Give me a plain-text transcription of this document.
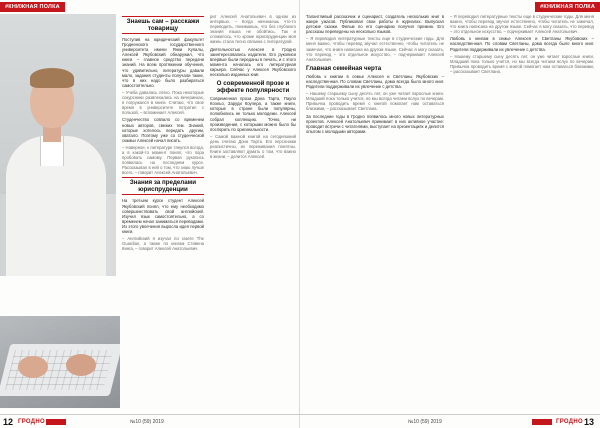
#КНИЖНАЯ ПОЛКА
Знаешь сам – расскажи товарищу

Поступив на юридический факультет Гродненского государственного университета имени Янки Купалы, Алексей Якубовский обнаружил, что книги – главное средство передачи знаний. На всем протяжении обучения, что удивительно, литературы давали мало, задания студенты получали такие, что в них надо было разбираться самостоятельно.

– Учеба давалась легко. Пока некоторые сокурсники развлекались на вечеринках, я погружался в книги. Считаю, что свое время в университете потратил с пользой, – вспоминает Алексей.

Студенчество совпало со временем новых авторов, свежих тем. Знаний, которые хотелось передать другим, хватало. Поэтому уже со студенческой скамьи Алексей начал писать.

– Наверное, к литературе тянулся всегда, а в какой-то момент понял, что пора пробовать самому. Первая рукопись появилась на последнем курсе. Рассказывал в ней о том, что знаю лучше всего, – говорит Алексей Анатольевич.

Знания за пределами юриспруденции

На третьем курсе студент Алексей Якубовский понял, что ему необходимо совершенствовать свой английский. Изучил язык самостоятельно, а со временем начал заниматься переводами. Из этого увлечения выросла идея первой книги.

– Английский я изучал по газете The Guardian, а также по книгам Стивена Кинга, – говорит Алексей Анатольевич.

рит Алексей Анатольевич в одном из интервью. – Когда начинаешь что-то переводить, понимаешь, что без глубокого знания языка не обойтись. Так и сложилось, что кроме юриспруденции моя жизнь стала тесно связана с литературой.

Деятельностью Алексея в Гродно заинтересовались издатели. Его рукописи впервые были переданы в печать, и с этого момента началась его литературная карьера. Сейчас у Алексея Якубовского несколько изданных книг.

О современной прозе и эффекте популярности

Современная проза Дона Тарта, Пауло Коэльо, Заруди Коупера, а также книги, которые в стране были популярны, полюбились не только молодежи. Алексей собрал коллекцию. Точно, ни произведения, с которыми можно было бы поспорить по оригинальности.

– Самой важной книгой на сегодняшний день считаю Дона Тарта. Его персонажи реалистичны, их переживания понятны. Книги заставляют думать о том, что важно в жизни, – делится Алексей.

12 ГРОДНО	№10 (59) 2019
#КНИЖНАЯ ПОЛКА

Талантливый рассказчик и сценарист, создатель нескольких книг в жанре ужасов. Публиковал свои работы в журналах. Выпускал детские сказки. Фильм по его сценарию получил премию. Его рассказы переведены на несколько языков.

– Я переводил литературные тексты еще в студенческие годы. Для меня важно, чтобы перевод звучал естественно, чтобы читатель не замечал, что книга написана на другом языке. Сейчас я могу сказать, что перевод – это отдельное искусство, – подчеркивает Алексей Анатольевич.

Главная семейная черта

Любовь к книгам в семье Алексея и Светланы Якубовских – наследственная. По словам Светланы, дома всегда было много книг. Родители поддерживали их увлечение с детства.

– Нашему старшему сыну десять лет, он уже читает взрослые книги. Младший пока только учится, но мы всегда читаем вслух по вечерам. Привычка проводить время с книгой помогает нам оставаться близкими, – рассказывает Светлана.

За последние годы в Гродно появилось много новых литературных проектов. Алексей Анатольевич принимает в них активное участие: проводит встречи с читателями, выступает на презентациях и делится опытом с молодыми авторами.

– Я переводил литературные тексты еще в студенческие годы. Для меня важно, чтобы перевод звучал естественно, чтобы читатель не замечал, что книга написана на другом языке. Сейчас я могу сказать, что перевод – это отдельное искусство, – подчеркивает Алексей Анатольевич.

Любовь к книгам в семье Алексея и Светланы Якубовских – наследственная. По словам Светланы, дома всегда было много книг. Родители поддерживали их увлечение с детства.

– Нашему старшему сыну десять лет, он уже читает взрослые книги. Младший пока только учится, но мы всегда читаем вслух по вечерам. Привычка проводить время с книгой помогает нам оставаться близкими, – рассказывает Светлана.

№10 (59) 2019	ГРОДНО 13
